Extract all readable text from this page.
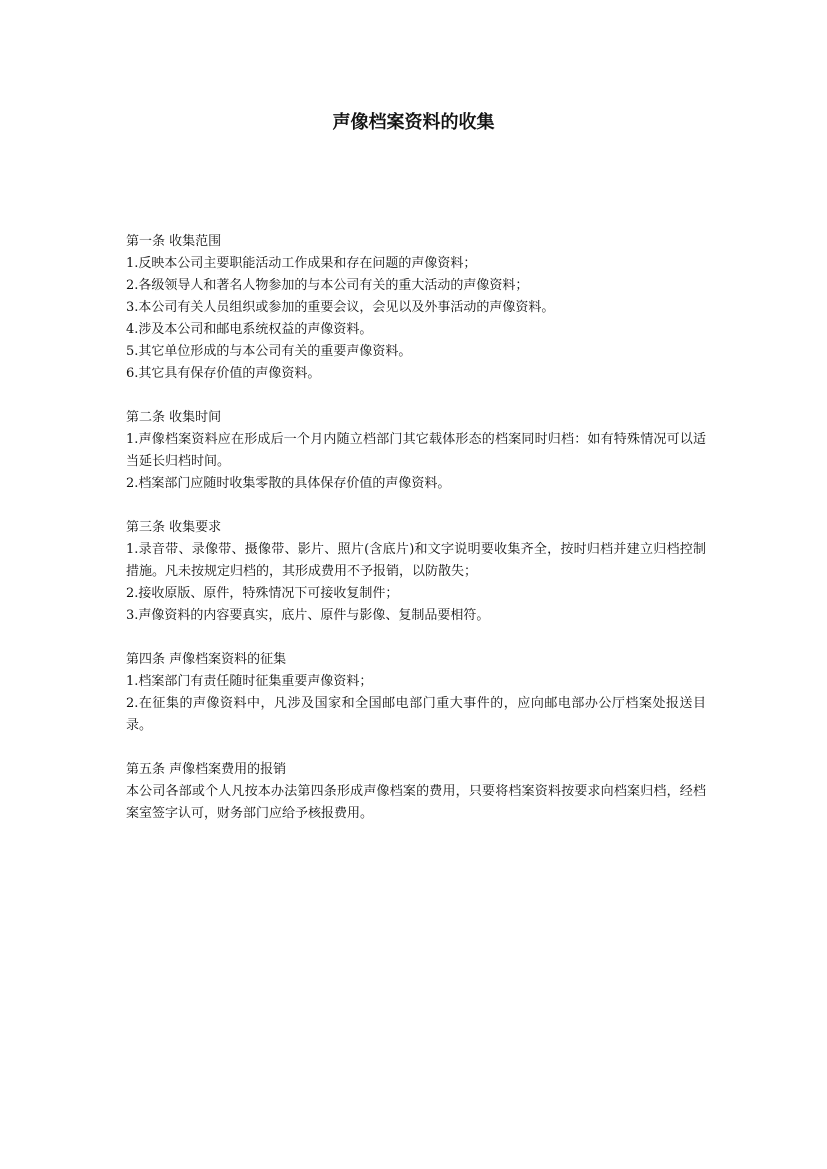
声像档案资料的收集

第一条 收集范围

1.反映本公司主要职能活动工作成果和存在问题的声像资料；

2.各级领导人和著名人物参加的与本公司有关的重大活动的声像资料；

3.本公司有关人员组织或参加的重要会议，会见以及外事活动的声像资料。

4.涉及本公司和邮电系统权益的声像资料。

5.其它单位形成的与本公司有关的重要声像资料。

6.其它具有保存价值的声像资料。

第二条 收集时间

1.声像档案资料应在形成后一个月内随立档部门其它载体形态的档案同时归档：如有特殊情况可以适当延长归档时间。

2.档案部门应随时收集零散的具体保存价值的声像资料。

第三条 收集要求

1.录音带、录像带、摄像带、影片、照片(含底片)和文字说明要收集齐全，按时归档并建立归档控制措施。凡未按规定归档的，其形成费用不予报销，以防散失；

2.接收原版、原件，特殊情况下可接收复制件；

3.声像资料的内容要真实，底片、原件与影像、复制品要相符。

第四条 声像档案资料的征集

1.档案部门有责任随时征集重要声像资料；

2.在征集的声像资料中，凡涉及国家和全国邮电部门重大事件的，应向邮电部办公厅档案处报送目录。

第五条 声像档案费用的报销

本公司各部或个人凡按本办法第四条形成声像档案的费用，只要将档案资料按要求向档案归档，经档案室签字认可，财务部门应给予核报费用。
